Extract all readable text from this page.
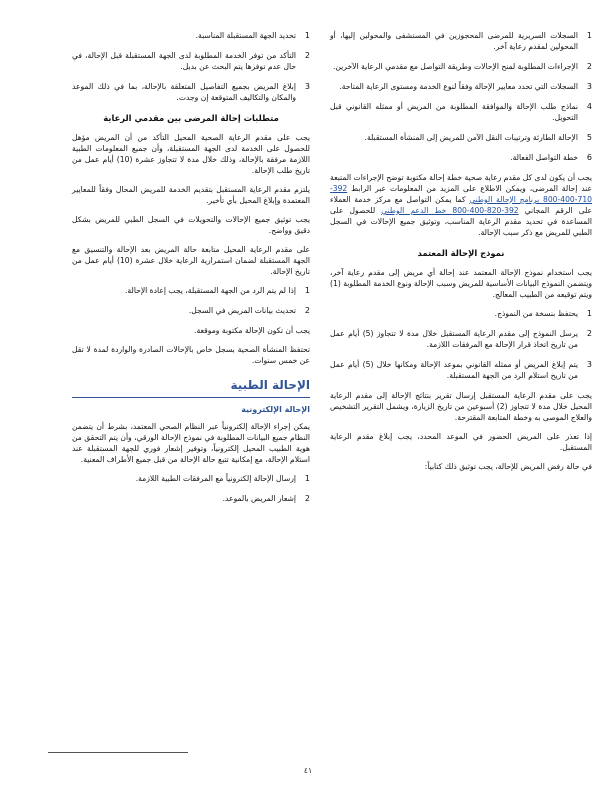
1
السجلات السريرية للمرضى المحجوزين في المستشفى والمحولين إليها، أو المحولين لمقدم رعاية آخر.
2
الإجراءات المطلوبة لمنح الإحالات وطريقة التواصل مع مقدمي الرعاية الآخرين.
3
السجلات التي تحدد معايير الإحالة وفقاً لنوع الخدمة ومستوى الرعاية المتاحة.
4
نماذج طلب الإحالة والموافقة المطلوبة من المريض أو ممثله القانوني قبل التحويل.
5
الإحالة الطارئة وترتيبات النقل الآمن للمريض إلى المنشأة المستقبلة.
6
خطة التواصل الفعالة.

يجب أن يكون لدى كل مقدم رعاية صحية خطة إحالة مكتوبة توضح الإجراءات المتبعة عند إحالة المرضى، ويمكن الاطلاع على المزيد من المعلومات عبر الرابط 392-710-400-800 برنامج الإحالة الوطني كما يمكن التواصل مع مركز خدمة العملاء على الرقم المجاني 392-820-400-800 خط الدعم الوطني للحصول على المساعدة في تحديد مقدم الرعاية المناسب، وتوثيق جميع الإحالات في السجل الطبي للمريض مع ذكر سبب الإحالة.

نموذج الإحالة المعتمد

يجب استخدام نموذج الإحالة المعتمد عند إحالة أي مريض إلى مقدم رعاية آخر، ويتضمن النموذج البيانات الأساسية للمريض وسبب الإحالة ونوع الخدمة المطلوبة (1) ويتم توقيعه من الطبيب المعالج.

1
يحتفظ بنسخة من النموذج.
2
يرسل النموذج إلى مقدم الرعاية المستقبل خلال مدة لا تتجاوز (5) أيام عمل من تاريخ اتخاذ قرار الإحالة مع المرفقات اللازمة.
3
يتم إبلاغ المريض أو ممثله القانوني بموعد الإحالة ومكانها خلال (5) أيام عمل من تاريخ استلام الرد من الجهة المستقبلة.

يجب على مقدم الرعاية المستقبل إرسال تقرير بنتائج الإحالة إلى مقدم الرعاية المحيل خلال مدة لا تتجاوز (2) أسبوعين من تاريخ الزيارة، ويشمل التقرير التشخيص والعلاج الموصى به وخطة المتابعة المقترحة.

إذا تعذر على المريض الحضور في الموعد المحدد، يجب إبلاغ مقدم الرعاية المستقبل.

في حالة رفض المريض للإحالة، يجب توثيق ذلك كتابياً:

1
تحديد الجهة المستقبلة المناسبة.
2
التأكد من توفر الخدمة المطلوبة لدى الجهة المستقبلة قبل الإحالة، في حال عدم توفرها يتم البحث عن بديل.
3
إبلاغ المريض بجميع التفاصيل المتعلقة بالإحالة، بما في ذلك الموعد والمكان والتكاليف المتوقعة إن وجدت.
متطلبات إحالة المرضى بين مقدمي الرعاية

يجب على مقدم الرعاية الصحية المحيل التأكد من أن المريض مؤهل للحصول على الخدمة لدى الجهة المستقبلة، وأن جميع المعلومات الطبية اللازمة مرفقة بالإحالة، وذلك خلال مدة لا تتجاوز عشرة (10) أيام عمل من تاريخ طلب الإحالة.

يلتزم مقدم الرعاية المستقبل بتقديم الخدمة للمريض المحال وفقاً للمعايير المعتمدة وإبلاغ المحيل بأي تأخير.

يجب توثيق جميع الإحالات والتحويلات في السجل الطبي للمريض بشكل دقيق وواضح.

على مقدم الرعاية المحيل متابعة حالة المريض بعد الإحالة والتنسيق مع الجهة المستقبلة لضمان استمرارية الرعاية خلال عشرة (10) أيام عمل من تاريخ الإحالة.

1
إذا لم يتم الرد من الجهة المستقبلة، يجب إعادة الإحالة.
2
تحديث بيانات المريض في السجل.

يجب أن تكون الإحالة مكتوبة وموقعة.

تحتفظ المنشأة الصحية بسجل خاص بالإحالات الصادرة والواردة لمدة لا تقل عن خمس سنوات.

الإحالة الطبية
الإحالة الإلكترونية

يمكن إجراء الإحالة إلكترونياً عبر النظام الصحي المعتمد، بشرط أن يتضمن النظام جميع البيانات المطلوبة في نموذج الإحالة الورقي، وأن يتم التحقق من هوية الطبيب المحيل إلكترونياً، وتوفير إشعار فوري للجهة المستقبلة عند استلام الإحالة، مع إمكانية تتبع حالة الإحالة من قبل جميع الأطراف المعنية.

1
إرسال الإحالة إلكترونياً مع المرفقات الطبية اللازمة.
2
إشعار المريض بالموعد.
٤١
